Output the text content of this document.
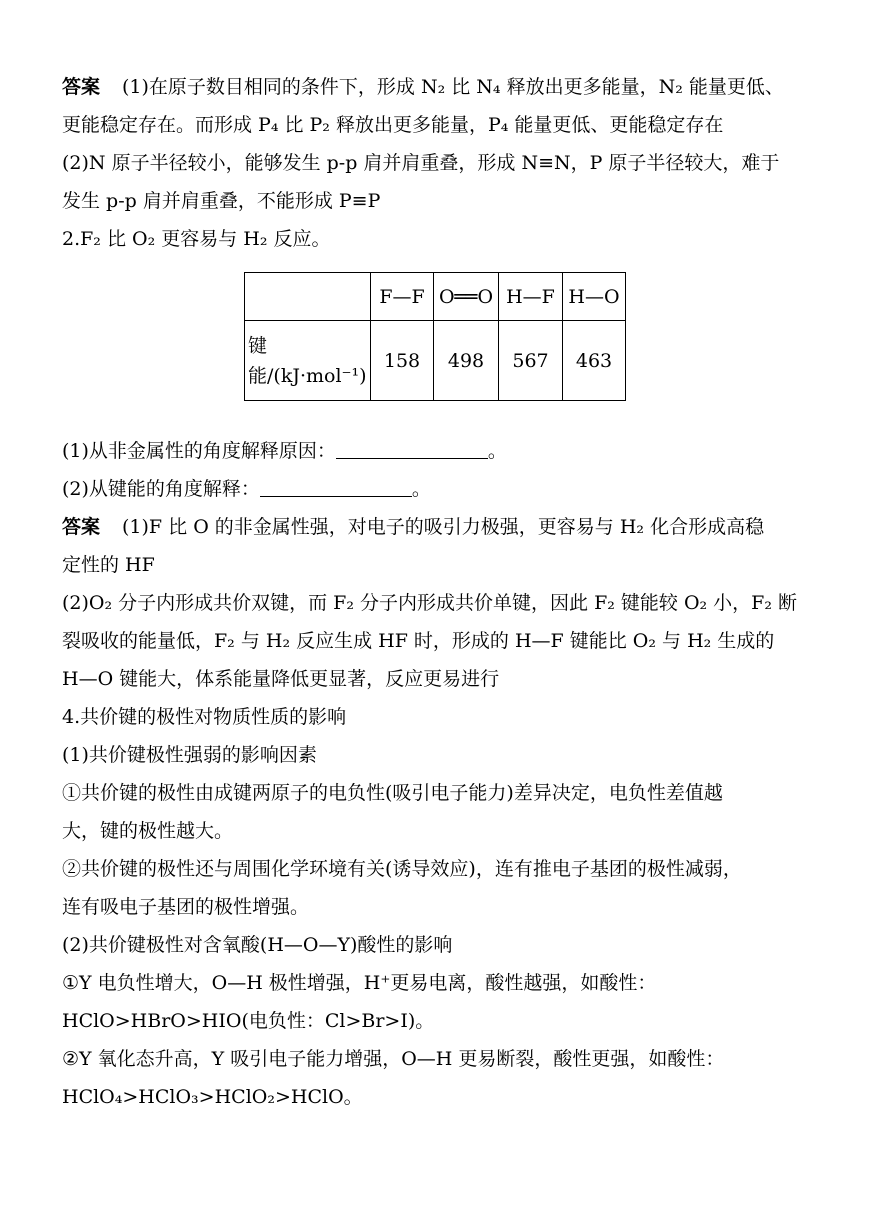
答案 (1)在原子数目相同的条件下，形成 N₂ 比 N₄ 释放出更多能量，N₂ 能量更低、
更能稳定存在。而形成 P₄ 比 P₂ 释放出更多能量，P₄ 能量更低、更能稳定存在
(2)N 原子半径较小，能够发生 p-p 肩并肩重叠，形成 N≡N，P 原子半径较大，难于
发生 p-p 肩并肩重叠，不能形成 P≡P
2.F₂ 比 O₂ 更容易与 H₂ 反应。
	F—F	O══O	H—F	H—O
键能/(kJ·mol⁻¹)	158	498	567	463
(1)从非金属性的角度解释原因：	。
(2)从键能的角度解释：	。
答案 (1)F 比 O 的非金属性强，对电子的吸引力极强，更容易与 H₂ 化合形成高稳
定性的 HF
(2)O₂ 分子内形成共价双键，而 F₂ 分子内形成共价单键，因此 F₂ 键能较 O₂ 小，F₂ 断
裂吸收的能量低，F₂ 与 H₂ 反应生成 HF 时，形成的 H—F 键能比 O₂ 与 H₂ 生成的
H—O 键能大，体系能量降低更显著，反应更易进行
4.共价键的极性对物质性质的影响
(1)共价键极性强弱的影响因素
①共价键的极性由成键两原子的电负性(吸引电子能力)差异决定，电负性差值越
大，键的极性越大。
②共价键的极性还与周围化学环境有关(诱导效应)，连有推电子基团的极性减弱，
连有吸电子基团的极性增强。
(2)共价键极性对含氧酸(H—O—Y)酸性的影响
①Y 电负性增大，O—H 极性增强，H⁺更易电离，酸性越强，如酸性：
HClO>HBrO>HIO(电负性：Cl>Br>I)。
②Y 氧化态升高，Y 吸引电子能力增强，O—H 更易断裂，酸性更强，如酸性：
HClO₄>HClO₃>HClO₂>HClO。
